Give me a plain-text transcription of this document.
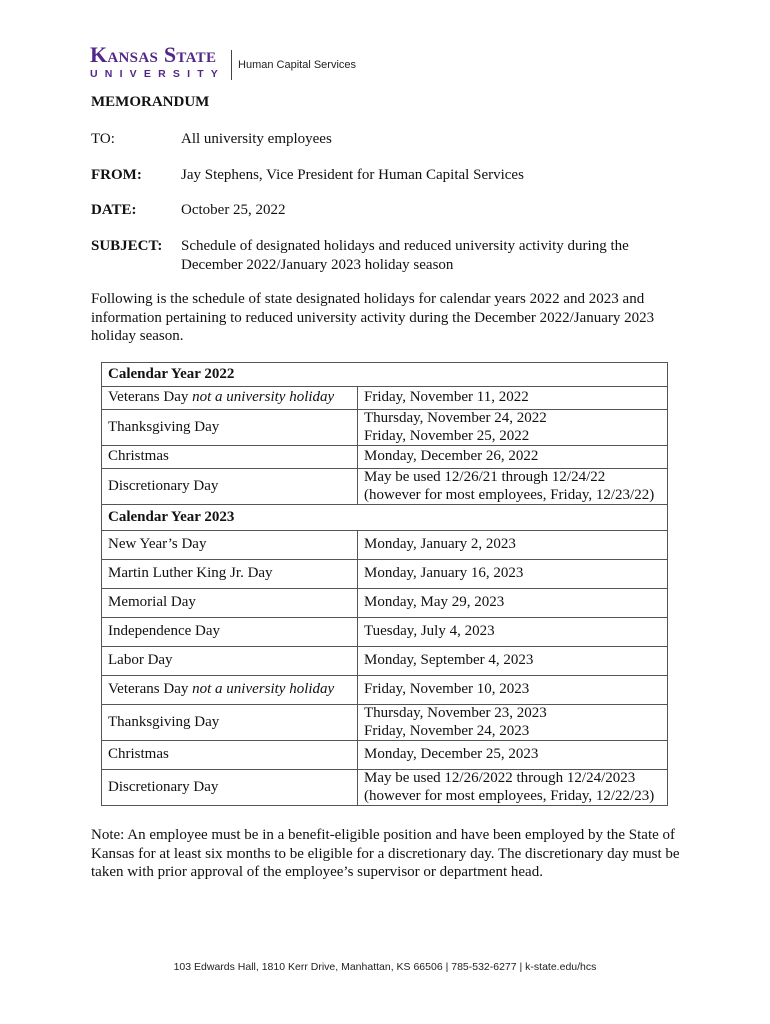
Kansas State
UNIVERSITY
Human Capital Services
MEMORANDUM
TO:	All university employees
FROM:	Jay Stephens, Vice President for Human Capital Services
DATE:	October 25, 2022
SUBJECT: Schedule of designated holidays and reduced university activity during the December 2022/January 2023 holiday season
Following is the schedule of state designated holidays for calendar years 2022 and 2023 and information pertaining to reduced university activity during the December 2022/January 2023 holiday season.
Calendar Year 2022	
Veterans Day not a university holiday	Friday, November 11, 2022

Thanksgiving Day	Thursday, November 24, 2022
Friday, November 25, 2022

Christmas	Monday, December 26, 2022

Discretionary Day	May be used 12/26/21 through 12/24/22
(however for most employees, Friday, 12/23/22)

Calendar Year 2023	
New Year’s Day	Monday, January 2, 2023

Martin Luther King Jr. Day	Monday, January 16, 2023

Memorial Day	Monday, May 29, 2023

Independence Day	Tuesday, July 4, 2023

Labor Day	Monday, September 4, 2023

Veterans Day not a university holiday	Friday, November 10, 2023

Thanksgiving Day	Thursday, November 23, 2023
Friday, November 24, 2023

Christmas	Monday, December 25, 2023

Discretionary Day	May be used 12/26/2022 through 12/24/2023
(however for most employees, Friday, 12/22/23)
Note: An employee must be in a benefit-eligible position and have been employed by the State of Kansas for at least six months to be eligible for a discretionary day. The discretionary day must be taken with prior approval of the employee’s supervisor or department head.
103 Edwards Hall, 1810 Kerr Drive, Manhattan, KS 66506 | 785-532-6277 | k-state.edu/hcs
